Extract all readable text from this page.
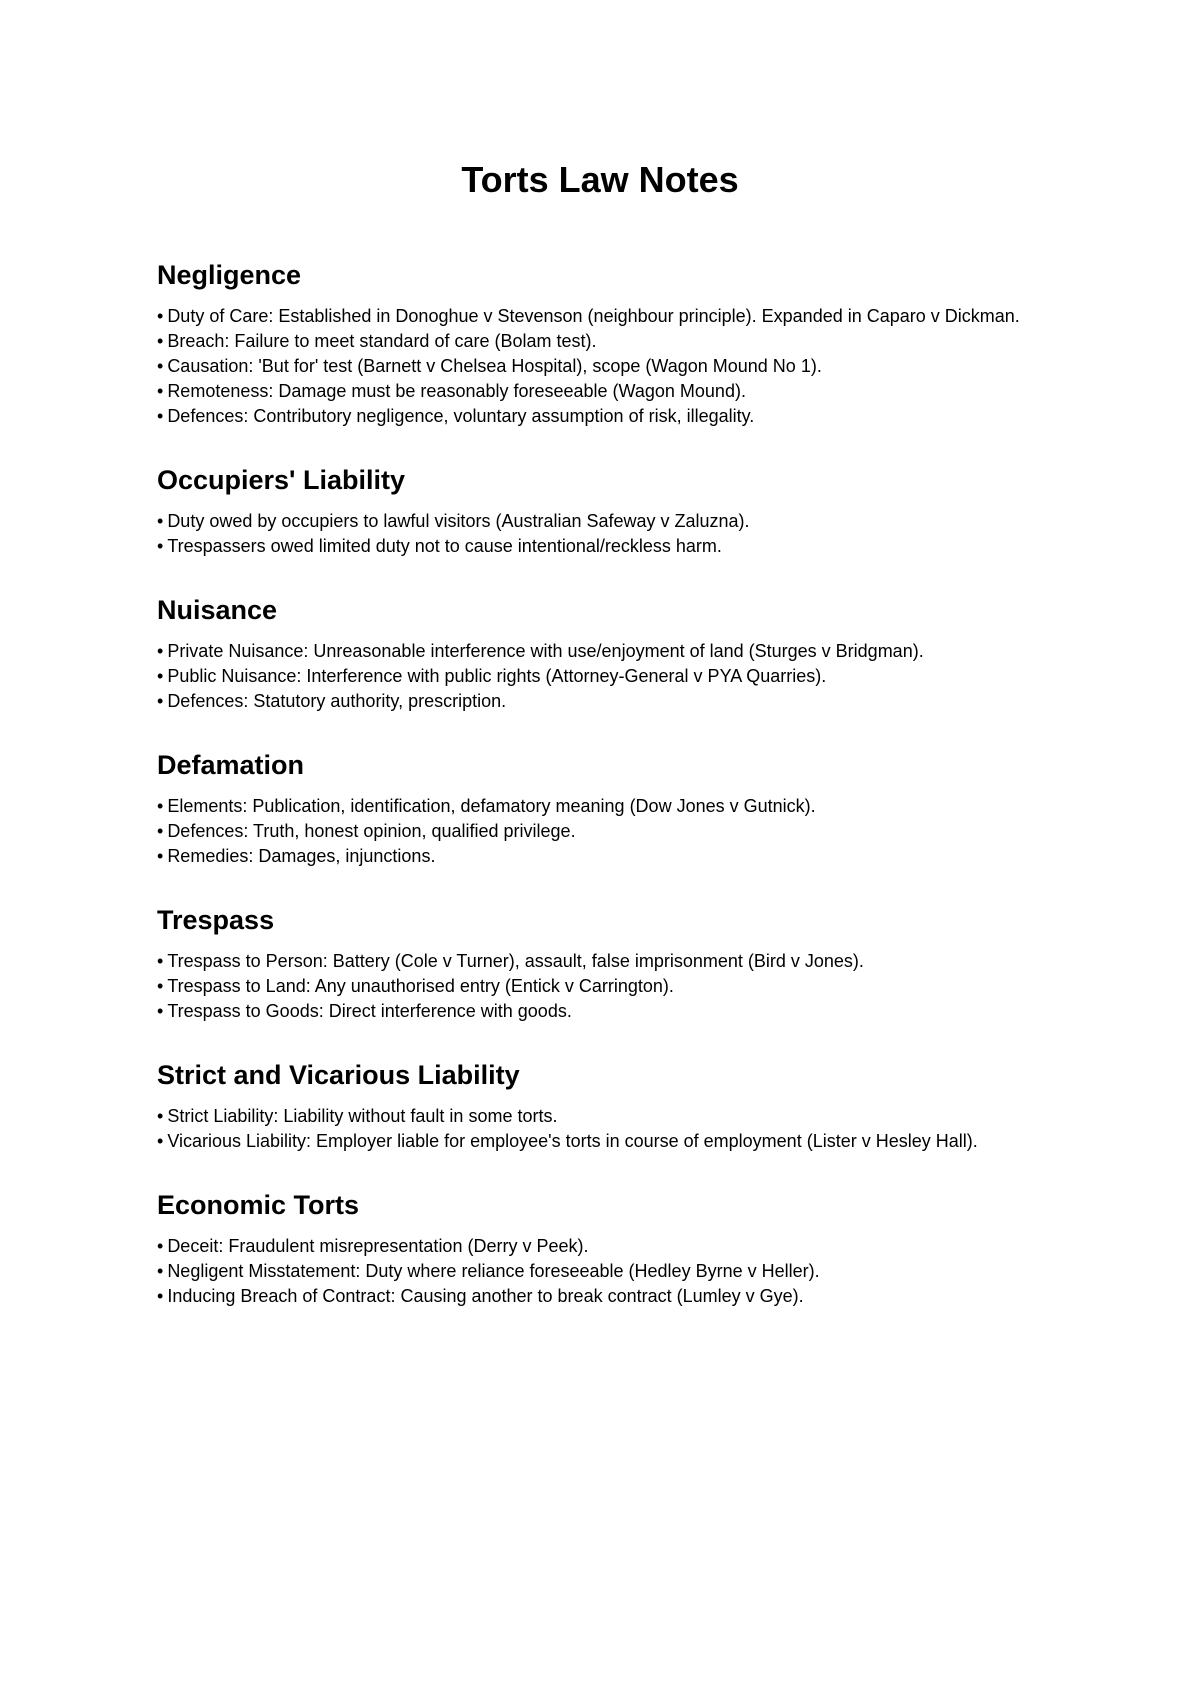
Torts Law Notes
Negligence
• Duty of Care: Established in Donoghue v Stevenson (neighbour principle). Expanded in Caparo v Dickman.
• Breach: Failure to meet standard of care (Bolam test).
• Causation: 'But for' test (Barnett v Chelsea Hospital), scope (Wagon Mound No 1).
• Remoteness: Damage must be reasonably foreseeable (Wagon Mound).
• Defences: Contributory negligence, voluntary assumption of risk, illegality.
Occupiers' Liability
• Duty owed by occupiers to lawful visitors (Australian Safeway v Zaluzna).
• Trespassers owed limited duty not to cause intentional/reckless harm.
Nuisance
• Private Nuisance: Unreasonable interference with use/enjoyment of land (Sturges v Bridgman).
• Public Nuisance: Interference with public rights (Attorney-General v PYA Quarries).
• Defences: Statutory authority, prescription.
Defamation
• Elements: Publication, identification, defamatory meaning (Dow Jones v Gutnick).
• Defences: Truth, honest opinion, qualified privilege.
• Remedies: Damages, injunctions.
Trespass
• Trespass to Person: Battery (Cole v Turner), assault, false imprisonment (Bird v Jones).
• Trespass to Land: Any unauthorised entry (Entick v Carrington).
• Trespass to Goods: Direct interference with goods.
Strict and Vicarious Liability
• Strict Liability: Liability without fault in some torts.
• Vicarious Liability: Employer liable for employee's torts in course of employment (Lister v Hesley Hall).
Economic Torts
• Deceit: Fraudulent misrepresentation (Derry v Peek).
• Negligent Misstatement: Duty where reliance foreseeable (Hedley Byrne v Heller).
• Inducing Breach of Contract: Causing another to break contract (Lumley v Gye).
